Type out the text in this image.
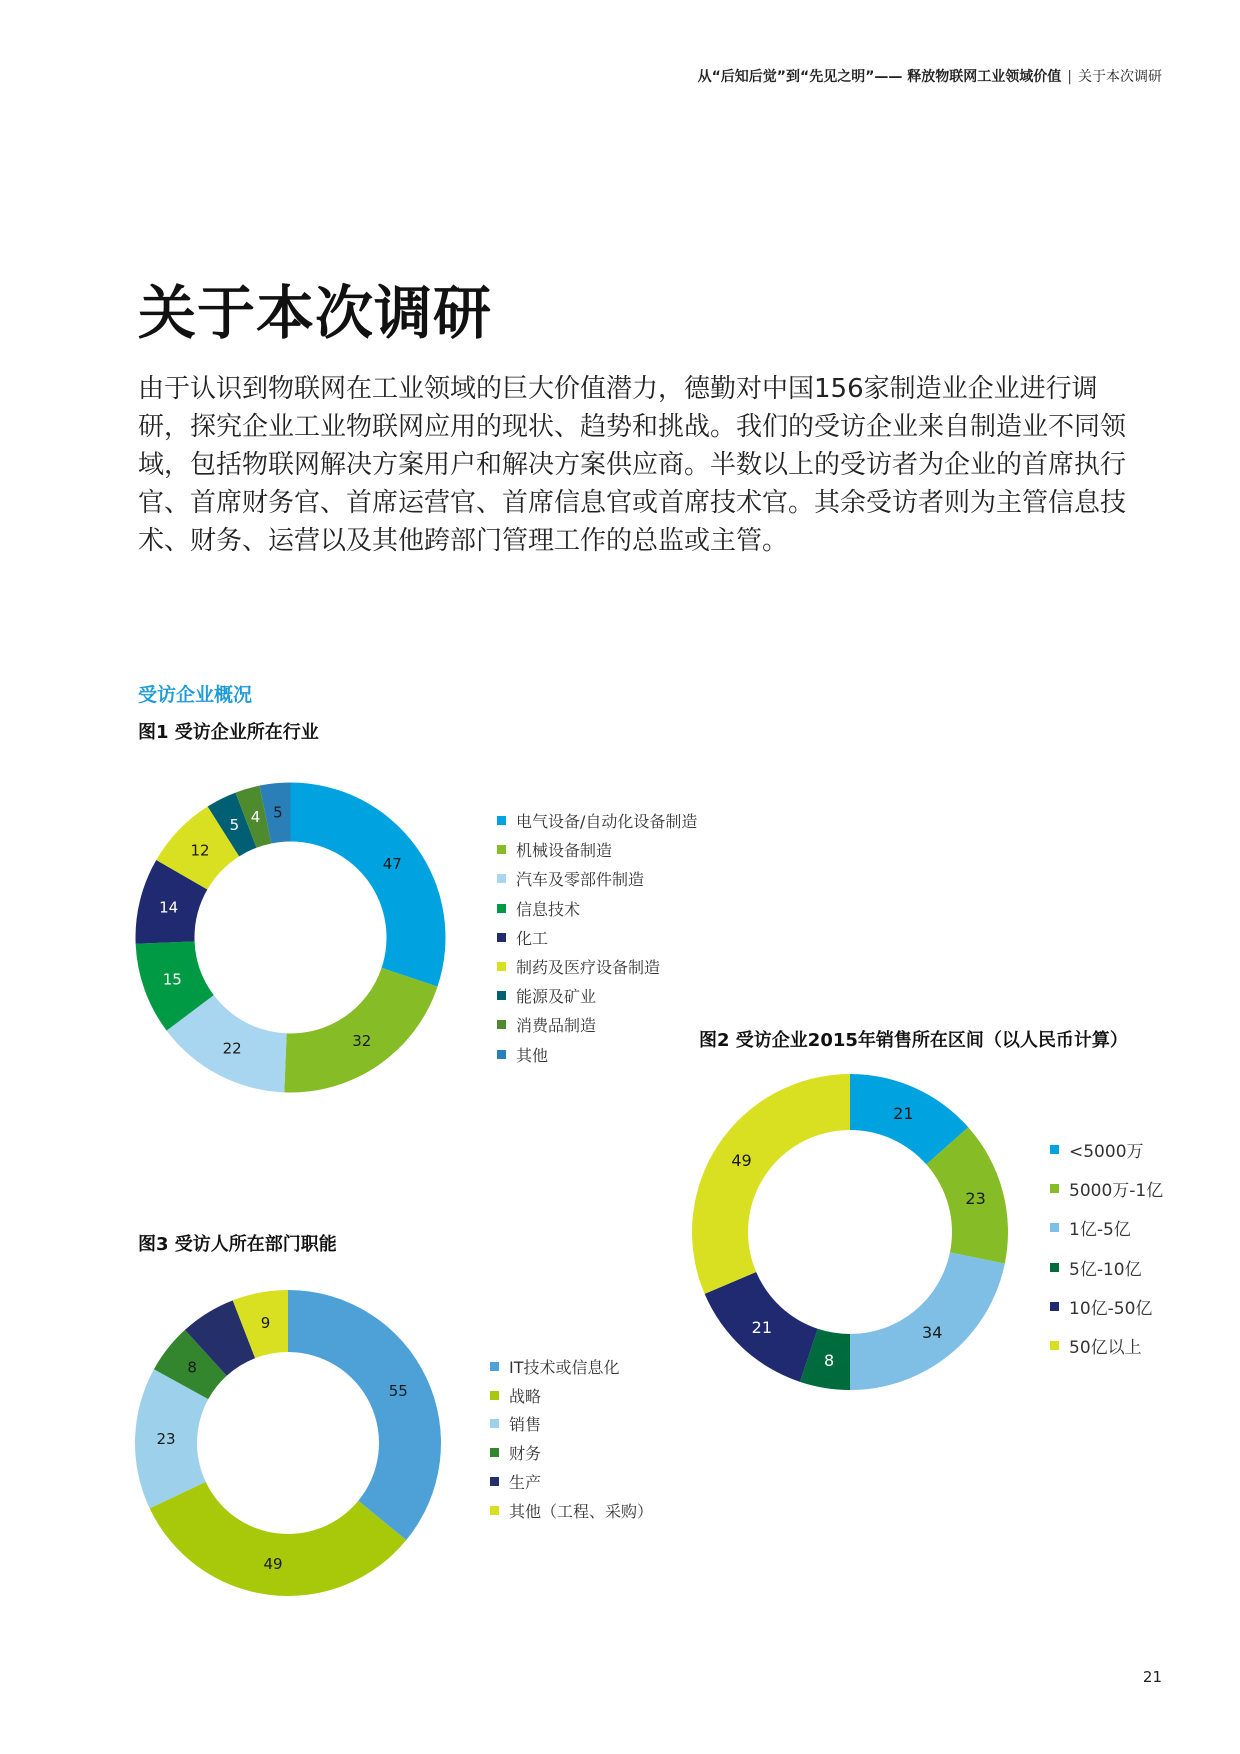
从“后知后觉”到“先见之明”—— 释放物联网工业领域价值 | 关于本次调研
关于本次调研

由于认识到物联网在工业领域的巨大价值潜力，德勤对中国156家制造业企业进行调研，探究企业工业物联网应用的现状、趋势和挑战。我们的受访企业来自制造业不同领域，包括物联网解决方案用户和解决方案供应商。半数以上的受访者为企业的首席执行官、首席财务官、首席运营官、首席信息官或首席技术官。其余受访者则为主管信息技术、财务、运营以及其他跨部门管理工作的总监或主管。

受访企业概况
图1 受访企业所在行业
47
32
22
15
14
12
5 4 5	电气设备/自动化设备制造
机械设备制造
汽车及零部件制造
信息技术
化工
制药及医疗设备制造
能源及矿业
消费品制造
其他
图2 受访企业2015年销售所在区间（以人民币计算）
21
23
34
8
21
49	<5000万
5000万-1亿
1亿-5亿
5亿-10亿
10亿-50亿
50亿以上
图3 受访人所在部门职能
55
49
23
8
9
IT技术或信息化
战略
销售
财务
生产
其他（工程、采购）
21
